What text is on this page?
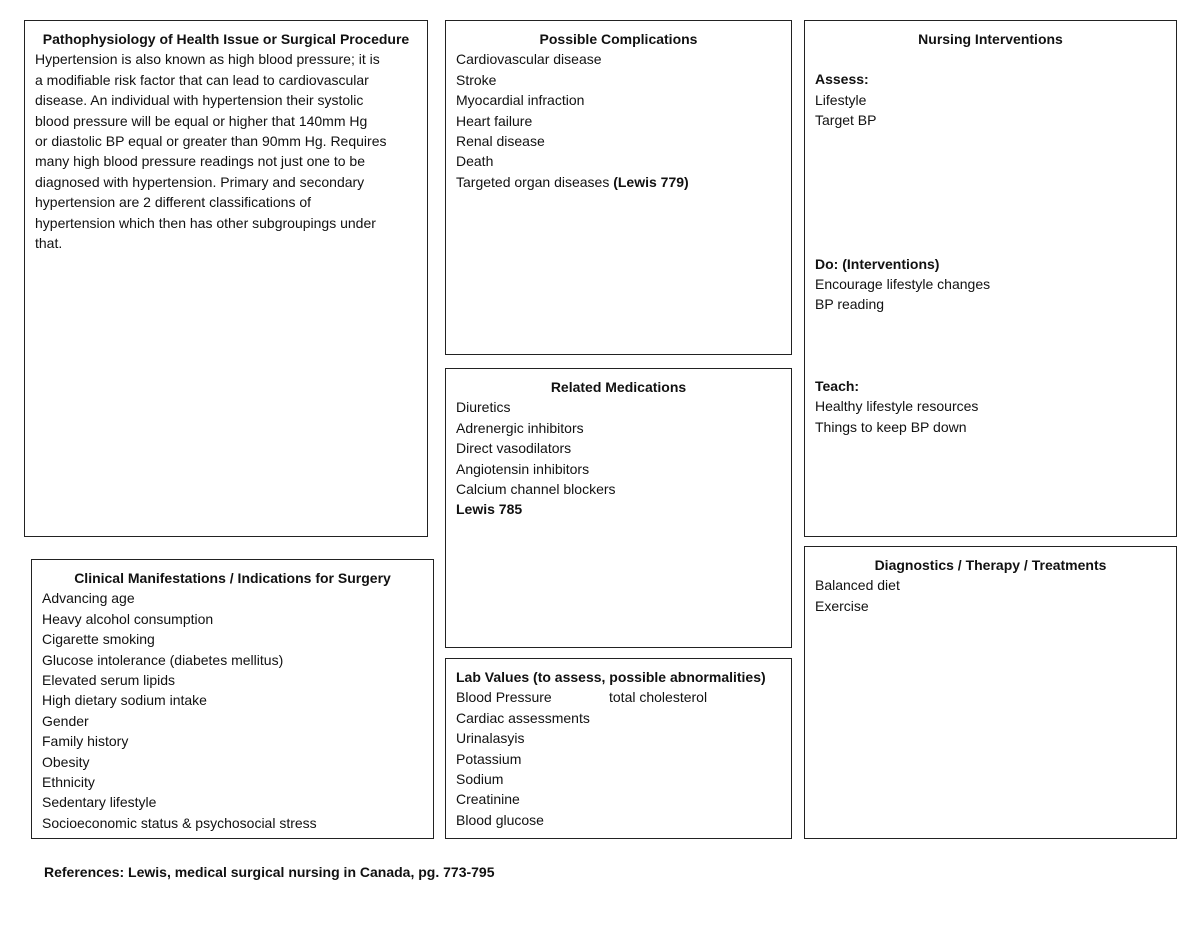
Pathophysiology of Health Issue or Surgical Procedure
Hypertension is also known as high blood pressure; it is
a modifiable risk factor that can lead to cardiovascular
disease. An individual with hypertension their systolic
blood pressure will be equal or higher that 140mm Hg
or diastolic BP equal or greater than 90mm Hg. Requires
many high blood pressure readings not just one to be
diagnosed with hypertension. Primary and secondary
hypertension are 2 different classifications of
hypertension which then has other subgroupings under
that.
Possible Complications
Cardiovascular disease
Stroke
Myocardial infraction
Heart failure
Renal disease
Death
Targeted organ diseases (Lewis 779)
Nursing Interventions
Assess:
Lifestyle
Target BP
Do: (Interventions)
Encourage lifestyle changes
BP reading
Teach:
Healthy lifestyle resources
Things to keep BP down
Related Medications
Diuretics
Adrenergic inhibitors
Direct vasodilators
Angiotensin inhibitors
Calcium channel blockers
Lewis 785
Clinical Manifestations / Indications for Surgery
Advancing age
Heavy alcohol consumption
Cigarette smoking
Glucose intolerance (diabetes mellitus)
Elevated serum lipids
High dietary sodium intake
Gender
Family history
Obesity
Ethnicity
Sedentary lifestyle
Socioeconomic status & psychosocial stress
Lab Values (to assess, possible abnormalities)
Blood Pressure	total cholesterol
Cardiac assessments
Urinalasyis
Potassium
Sodium
Creatinine
Blood glucose
Diagnostics / Therapy / Treatments
Balanced diet
Exercise
References: Lewis, medical surgical nursing in Canada, pg. 773-795
